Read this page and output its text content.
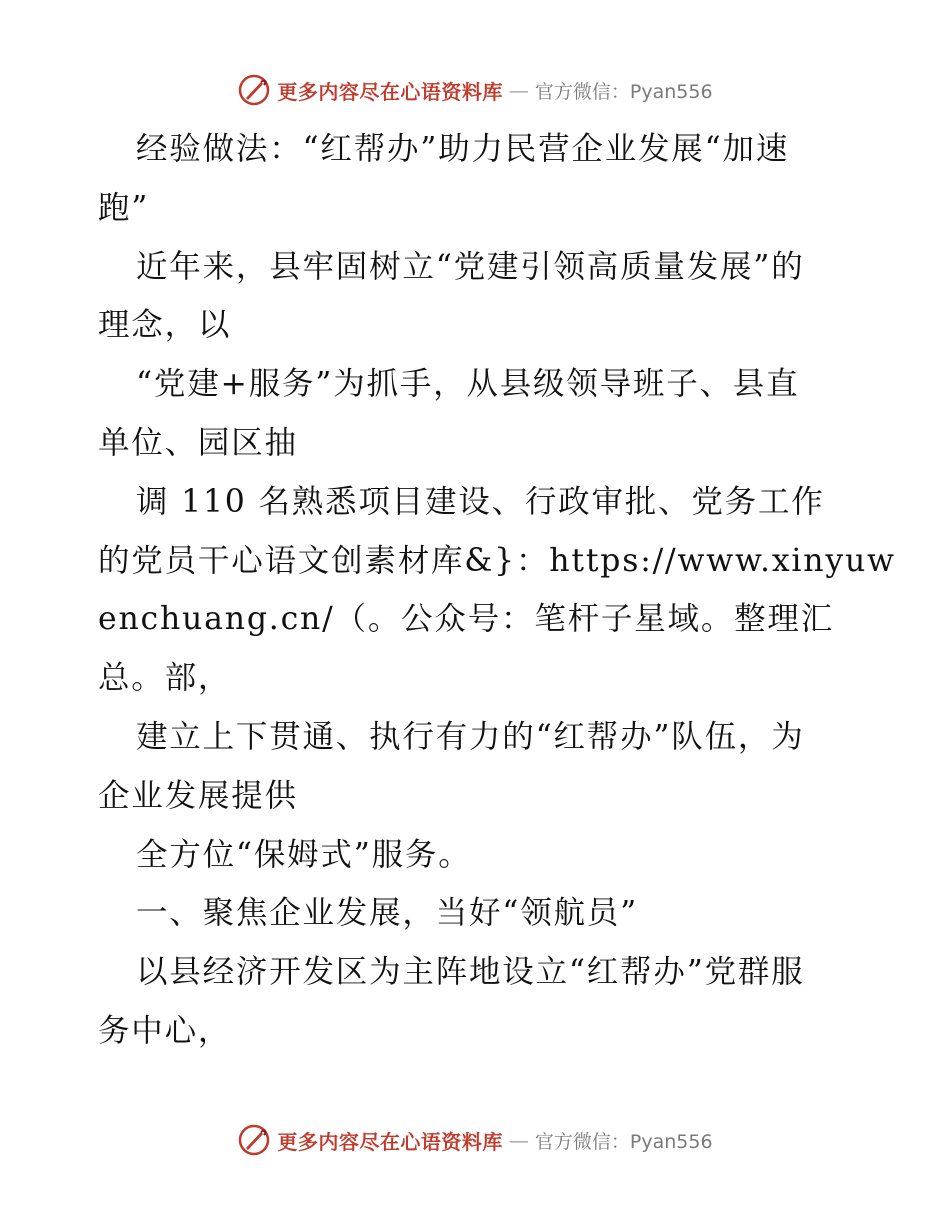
更多内容尽在心语资料库 — 官方微信：Pyan556
经验做法：“红帮办”助力民营企业发展“加速
跑”
近年来，县牢固树立“党建引领高质量发展”的
理念，以
“党建+服务”为抓手，从县级领导班子、县直
单位、园区抽
调 110 名熟悉项目建设、行政审批、党务工作
的党员干心语文创素材库&}：https://www.xinyuw
enchuang.cn/（。公众号：笔杆子星域。整理汇
总。部，
建立上下贯通、执行有力的“红帮办”队伍，为
企业发展提供
全方位“保姆式”服务。
一、聚焦企业发展，当好“领航员”
以县经济开发区为主阵地设立“红帮办”党群服
务中心，
更多内容尽在心语资料库 — 官方微信：Pyan556
